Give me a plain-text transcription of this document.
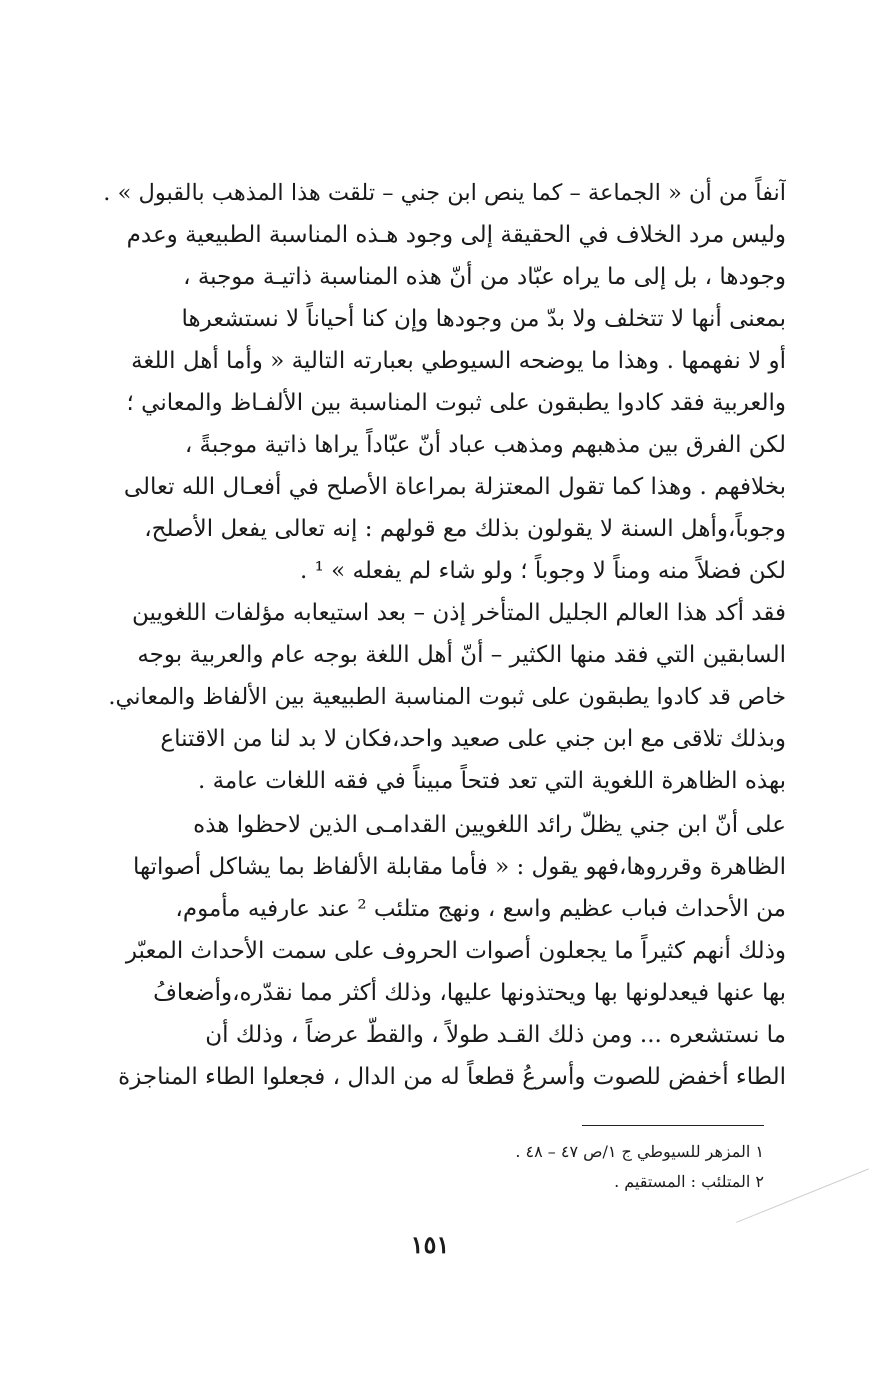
آنفاً من أن « الجماعة – كما ينص ابن جني – تلقت هذا المذهب بالقبول » .
وليس مرد الخلاف في الحقيقة إلى وجود هـذه المناسبة الطبيعية وعدم
وجودها ، بل إلى ما يراه عبّاد من أنّ هذه المناسبة ذاتيـة موجبة ،
بمعنى أنها لا تتخلف ولا بدّ من وجودها وإن كنا أحياناً لا نستشعرها
أو لا نفهمها . وهذا ما يوضحه السيوطي بعبارته التالية « وأما أهل اللغة
والعربية فقد كادوا يطبقون على ثبوت المناسبة بين الألفـاظ والمعاني ؛
لكن الفرق بين مذهبهم ومذهب عباد أنّ عبّاداً يراها ذاتية موجبةً ،
بخلافهم . وهذا كما تقول المعتزلة بمراعاة الأصلح في أفعـال الله تعالى
وجوباً،وأهل السنة لا يقولون بذلك مع قولهم : إنه تعالى يفعل الأصلح،
لكن فضلاً منه ومناً لا وجوباً ؛ ولو شاء لم يفعله » ¹ .
فقد أكد هذا العالم الجليل المتأخر إذن – بعد استيعابه مؤلفات اللغويين
السابقين التي فقد منها الكثير – أنّ أهل اللغة بوجه عام والعربية بوجه
خاص قد كادوا يطبقون على ثبوت المناسبة الطبيعية بين الألفاظ والمعاني.
وبذلك تلاقى مع ابن جني على صعيد واحد،فكان لا بد لنا من الاقتناع
بهذه الظاهرة اللغوية التي تعد فتحاً مبيناً في فقه اللغات عامة .
على أنّ ابن جني يظلّ رائد اللغويين القدامـى الذين لاحظوا هذه
الظاهرة وقرروها،فهو يقول : « فأما مقابلة الألفاظ بما يشاكل أصواتها
من الأحداث فباب عظيم واسع ، ونهج متلئب ² عند عارفيه مأموم،
وذلك أنهم كثيراً ما يجعلون أصوات الحروف على سمت الأحداث المعبّر
بها عنها فيعدلونها بها ويحتذونها عليها، وذلك أكثر مما نقدّره،وأضعافُ
ما نستشعره ... ومن ذلك القـد طولاً ، والقطّ عرضاً ، وذلك أن
الطاء أخفض للصوت وأسرعُ قطعاً له من الدال ، فجعلوا الطاء المناجزة
١ المزهر للسيوطي ج ١/ص ٤٧ – ٤٨ .
٢ المتلئب : المستقيم .
١٥١
